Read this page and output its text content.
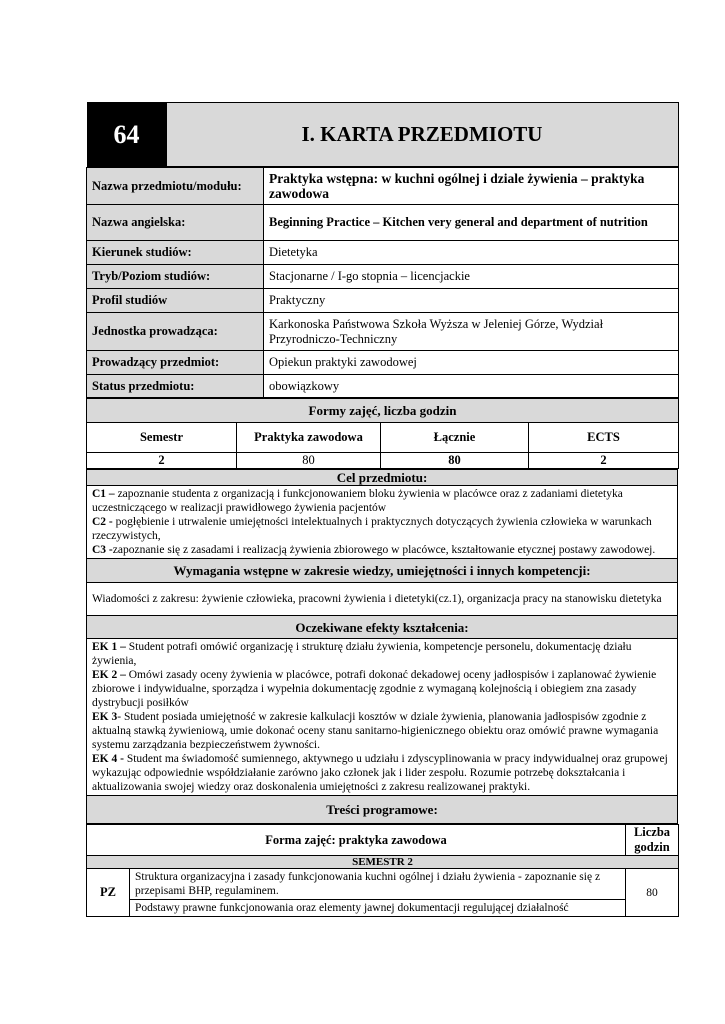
64	I. KARTA PRZEDMIOTU

Nazwa przedmiotu/modułu:	Praktyka wstępna: w kuchni ogólnej i dziale żywienia – praktyka zawodowa
Nazwa angielska:	Beginning Practice – Kitchen very general and department of nutrition
Kierunek studiów:	Dietetyka
Tryb/Poziom studiów:	Stacjonarne / I-go stopnia – licencjackie
Profil studiów	Praktyczny
Jednostka prowadząca:	Karkonoska Państwowa Szkoła Wyższa w Jeleniej Górze, Wydział Przyrodniczo-Techniczny
Prowadzący przedmiot:	Opiekun praktyki zawodowej
Status przedmiotu:	obowiązkowy
Formy zajęć, liczba godzin			
Semestr	Praktyka zawodowa	Łącznie	ECTS
2	80	80	2
Cel przedmiotu:

C1 – zapoznanie studenta z organizacją i funkcjonowaniem bloku żywienia w placówce oraz z zadaniami dietetyka uczestniczącego w realizacji prawidłowego żywienia pacjentów

C2 - pogłębienie i utrwalenie umiejętności intelektualnych i praktycznych dotyczących żywienia człowieka w warunkach rzeczywistych,

C3 -zapoznanie się z zasadami i realizacją żywienia zbiorowego w placówce, kształtowanie etycznej postawy zawodowej.

Wymagania wstępne w zakresie wiedzy, umiejętności i innych kompetencji:
Wiadomości z zakresu: żywienie człowieka, pracowni żywienia i dietetyki(cz.1), organizacja pracy na stanowisku dietetyka
Oczekiwane efekty kształcenia:

EK 1 – Student potrafi omówić organizację i strukturę działu żywienia, kompetencje personelu, dokumentację działu żywienia,

EK 2 – Omówi zasady oceny żywienia w placówce, potrafi dokonać dekadowej oceny jadłospisów i zaplanować żywienie zbiorowe i indywidualne, sporządza i wypełnia dokumentację zgodnie z wymaganą kolejnością i obiegiem zna zasady dystrybucji posiłków

EK 3- Student posiada umiejętność w zakresie kalkulacji kosztów w dziale żywienia, planowania jadłospisów zgodnie z aktualną stawką żywieniową, umie dokonać oceny stanu sanitarno-higienicznego obiektu oraz omówić prawne wymagania systemu zarządzania bezpieczeństwem żywności.

EK 4 - Student ma świadomość sumiennego, aktywnego u udziału i zdyscyplinowania w pracy indywidualnej oraz grupowej wykazując odpowiednie współdziałanie zarówno jako członek jak i lider zespołu. Rozumie potrzebę dokształcania i aktualizowania swojej wiedzy oraz doskonalenia umiejętności z zakresu realizowanej praktyki.

Treści programowe:
Forma zajęć: praktyka zawodowa		Liczba godzin
SEMESTR 2		
PZ	Struktura organizacyjna i zasady funkcjonowania kuchni ogólnej i działu żywienia - zapoznanie się z przepisami BHP, regulaminem.	80
	Podstawy prawne funkcjonowania oraz elementy jawnej dokumentacji regulującej działalność	
